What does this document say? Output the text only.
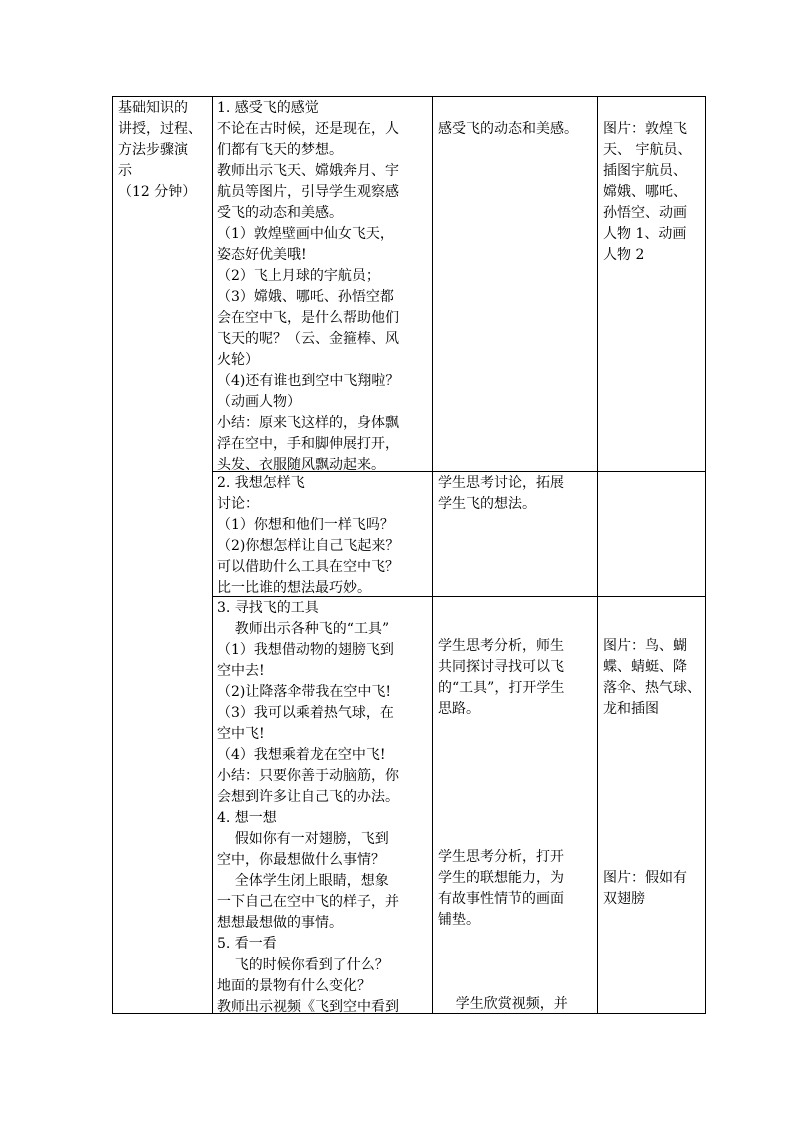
基础知识的
讲授，过程、
方法步骤演
示
（12 分钟）
1. 感受飞的感觉
不论在古时候，还是现在，人
们都有飞天的梦想。
教师出示飞天、嫦娥奔月、宇
航员等图片，引导学生观察感
受飞的动态和美感。
（1）敦煌壁画中仙女飞天，
姿态好优美哦!
（2）飞上月球的宇航员；
（3）嫦娥、哪吒、孙悟空都
会在空中飞，是什么帮助他们
飞天的呢？（云、金箍棒、风
火轮）
（4)还有谁也到空中飞翔啦？
（动画人物）
小结：原来飞这样的，身体飘
浮在空中，手和脚伸展打开，
头发、衣服随风飘动起来。
2. 我想怎样飞
讨论：
（1）你想和他们一样飞吗？
（2)你想怎样让自己飞起来？
可以借助什么工具在空中飞？
比一比谁的想法最巧妙。
3. 寻找飞的工具
教师出示各种飞的“工具”
（1）我想借动物的翅膀飞到
空中去!
（2)让降落伞带我在空中飞!
（3）我可以乘着热气球，在
空中飞!
（4）我想乘着龙在空中飞!
小结：只要你善于动脑筋，你
会想到许多让自己飞的办法。
4. 想一想
假如你有一对翅膀，飞到
空中，你最想做什么事情？
全体学生闭上眼睛，想象
一下自己在空中飞的样子，并
想想最想做的事情。
5. 看一看
飞的时候你看到了什么？
地面的景物有什么变化？
教师出示视频《飞到空中看到
感受飞的动态和美感。
学生思考讨论，拓展
学生飞的想法。
学生思考分析，师生
共同探讨寻找可以飞
的“工具”，打开学生
思路。
学生思考分析，打开
学生的联想能力，为
有故事性情节的画面
铺垫。
学生欣赏视频，并
图片：敦煌飞
天、 宇航员、
插图宇航员、
嫦娥、哪吒、
孙悟空、动画
人物 1、动画
人物 2
图片：鸟、蝴
蝶、蜻蜓、降
落伞、热气球、
龙和插图
图片：假如有
双翅膀
